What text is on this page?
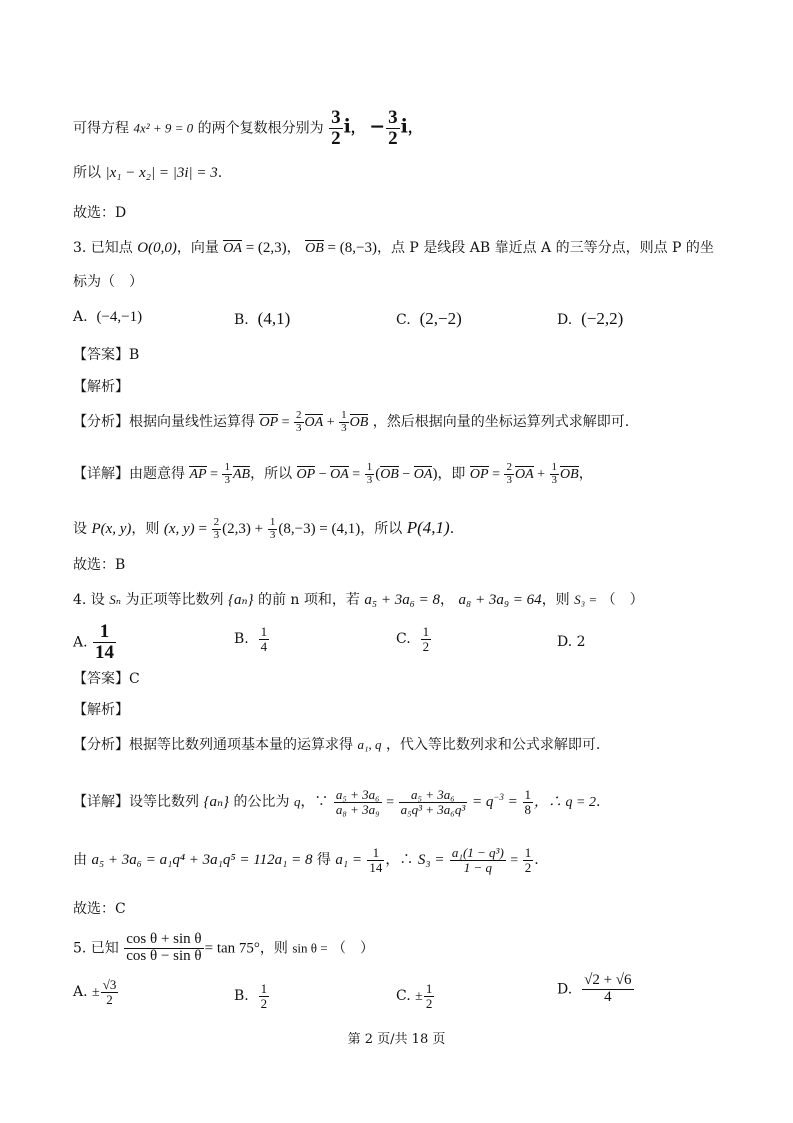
可得方程 4x² + 9 = 0 的两个复数根分别为 $\frac{3}{2}$ i， − $\frac{3}{2}$ i，
所以 |x₁ − x₂| = |3i| = 3.
故选：D
3. 已知点 O(0,0)，向量 OA = (2,3)， OB = (8,−3)，点 P 是线段 AB 靠近点 A 的三等分点，则点 P 的坐
标为（　）
A. (−4,−1)	B. (4,1)	C. (2,−2)	D. (−2,2)
【答案】B
【解析】
【分析】根据向量线性运算得 OP = $\frac{2}{3}$ OA + $\frac{1}{3}$ OB ，然后根据向量的坐标运算列式求解即可.
【详解】由题意得 AP = $\frac{1}{3}$ AB，所以 OP − OA = $\frac{1}{3} (OB - OA)$，即 OP = $\frac{2}{3}$ OA + $\frac{1}{3}$ OB，
设 P(x, y)，则 (x, $y) = \frac{2}{3} (2,3) + \frac{1}{3} (8,-3) = (4,1)$，所以 P(4,1).
故选：B
4. 设 Sₙ 为正项等比数列 {aₙ} 的前 n 项和，若 a₅ + 3a₆ = 8， a₈ + 3a₉ = 64，则 S₃ = （　）
A. $\frac{1}{14}$	B. $\frac{1}{4}$	C. $\frac{1}{2}$	D. 2
【答案】C
【解析】
【分析】根据等比数列通项基本量的运算求得 a₁, q ，代入等比数列求和公式求解即可.
【详解】设等比数列 {aₙ} 的公比为 q，∵ $\frac{\text{a₅ + 3a₆}}{\text{a₈ + 3a₉}} = \frac{\text{a₅ + 3a₆}}{\text{a₅q³ + 3a₆q³}} = q^{-3} = \frac{1}{8}$ ，∴ q = 2.
由 a₅ + 3a₆ = a₁q⁴ + 3a₁q⁵ = 112a₁ = 8 得 $a_1 = \frac{1}{14}$ ，∴ $S_3 = \frac{\text{a₁(1 − q³)}}{1 - q} = \frac{1}{2}$ .
故选：C
5. 已知 $\frac{\text{cos θ + sin θ}}{\text{cos θ − sin θ}} = \tan 75^\circ$，则 sin θ = （　）
A. ± $\frac{√3}{2}$	B. $\frac{1}{2}$	C. ± $\frac{1}{2}$	D. $\frac{√2 + √6}{4}$
第 2 页/共 18 页
